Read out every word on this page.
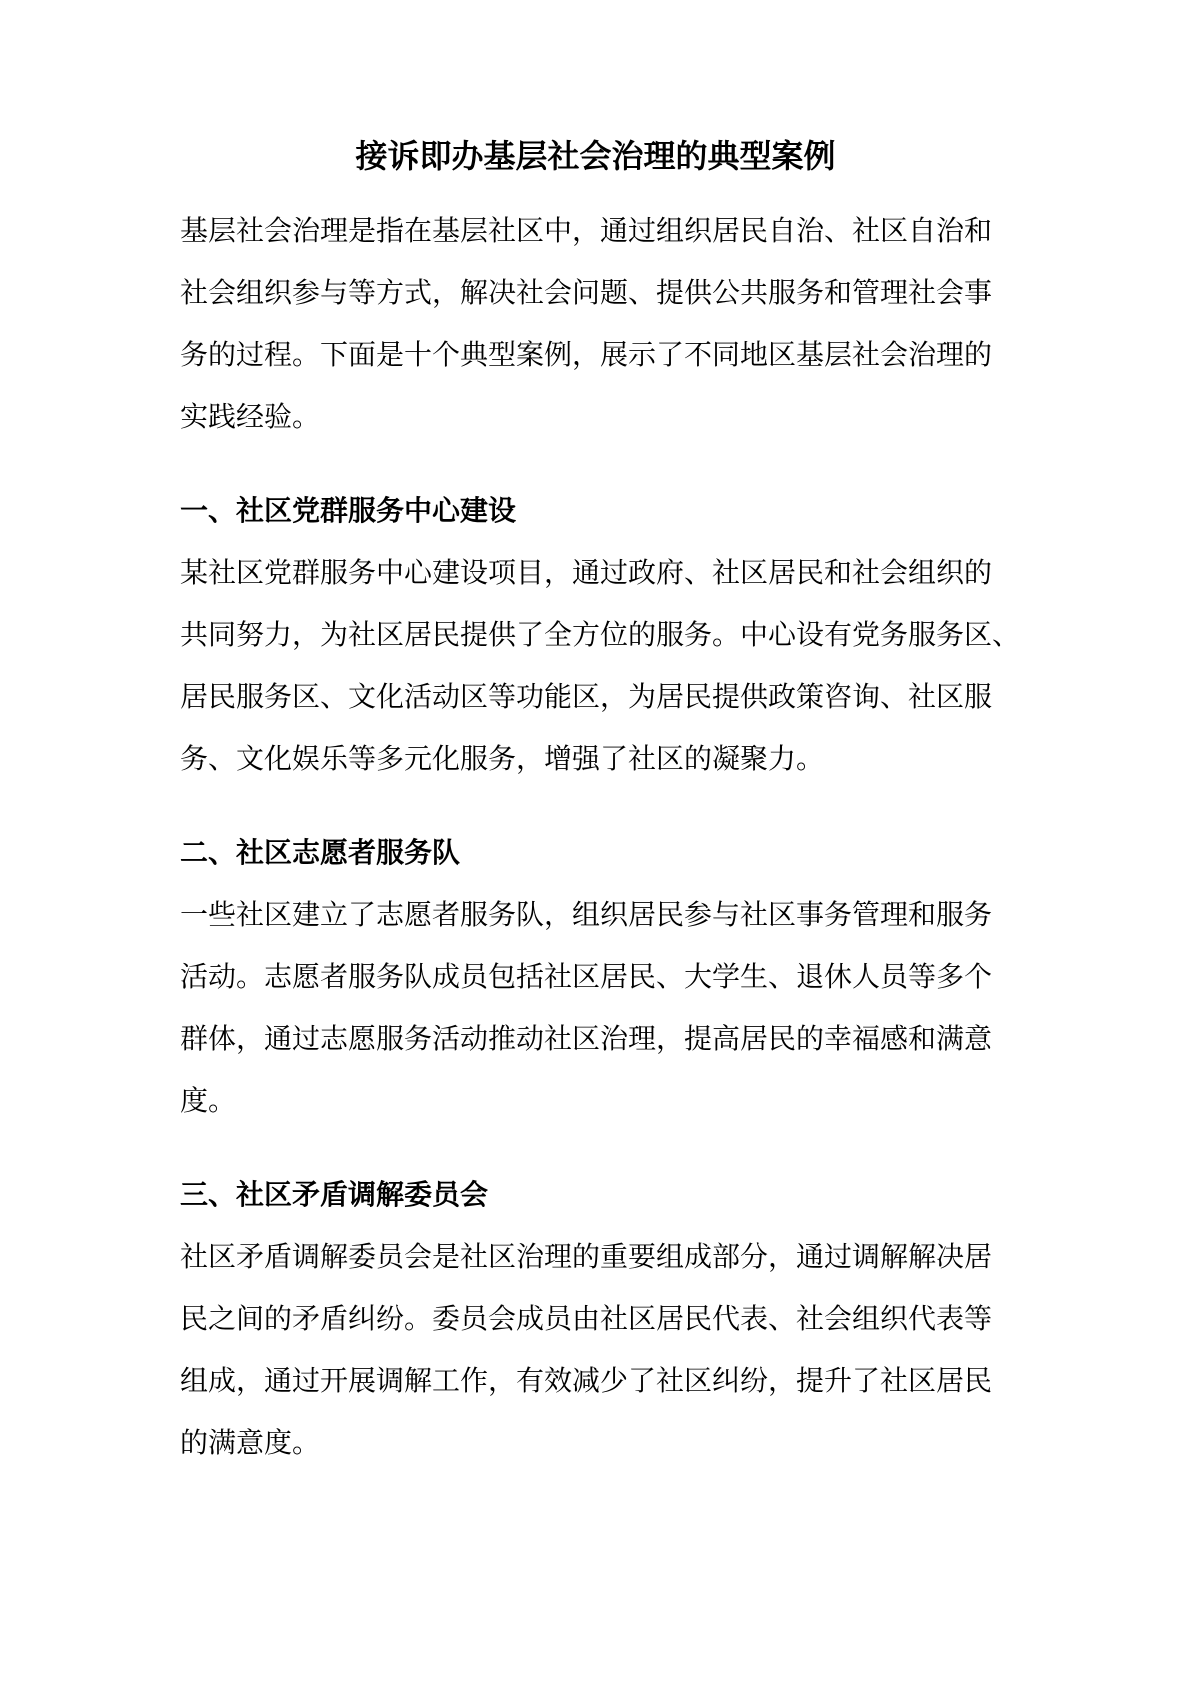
接诉即办基层社会治理的典型案例

基层社会治理是指在基层社区中，通过组织居民自治、社区自治和
社会组织参与等方式，解决社会问题、提供公共服务和管理社会事
务的过程。下面是十个典型案例，展示了不同地区基层社会治理的
实践经验。

一、社区党群服务中心建设

某社区党群服务中心建设项目，通过政府、社区居民和社会组织的
共同努力，为社区居民提供了全方位的服务。中心设有党务服务区、
居民服务区、文化活动区等功能区，为居民提供政策咨询、社区服
务、文化娱乐等多元化服务，增强了社区的凝聚力。

二、社区志愿者服务队

一些社区建立了志愿者服务队，组织居民参与社区事务管理和服务
活动。志愿者服务队成员包括社区居民、大学生、退休人员等多个
群体，通过志愿服务活动推动社区治理，提高居民的幸福感和满意
度。

三、社区矛盾调解委员会

社区矛盾调解委员会是社区治理的重要组成部分，通过调解解决居
民之间的矛盾纠纷。委员会成员由社区居民代表、社会组织代表等
组成，通过开展调解工作，有效减少了社区纠纷，提升了社区居民
的满意度。
